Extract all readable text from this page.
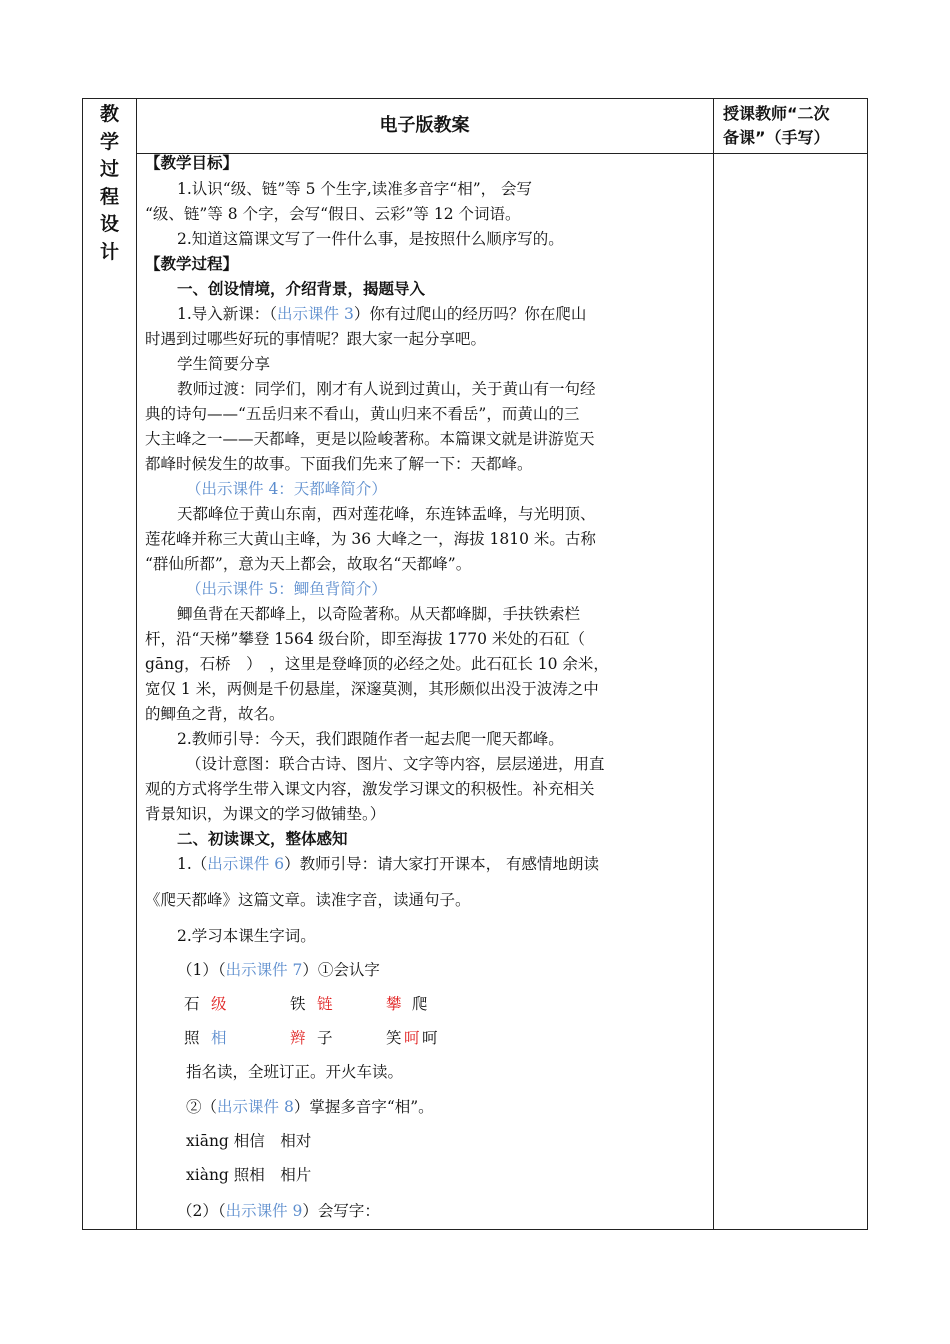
教
学
过
程
设
计
电子版教案
授课教师“二次
备课”（手写）
【教学目标】
1.认识“级、链”等 5 个生字,读准多音字“相”， 会写
“级、链”等 8 个字，会写“假日、云彩”等 12 个词语。
2.知道这篇课文写了一件什么事，是按照什么顺序写的。
【教学过程】
一、创设情境，介绍背景，揭题导入
1.导入新课：（出示课件 3）你有过爬山的经历吗？你在爬山
时遇到过哪些好玩的事情呢？跟大家一起分享吧。
学生简要分享
教师过渡：同学们，刚才有人说到过黄山，关于黄山有一句经
典的诗句——“五岳归来不看山，黄山归来不看岳”，而黄山的三
大主峰之一——天都峰，更是以险峻著称。本篇课文就是讲游览天
都峰时候发生的故事。下面我们先来了解一下：天都峰。
（出示课件 4：天都峰简介）
天都峰位于黄山东南，西对莲花峰，东连钵盂峰，与光明顶、
莲花峰并称三大黄山主峰，为 36 大峰之一，海拔 1810 米。古称
“群仙所都”，意为天上都会，故取名“天都峰”。
（出示课件 5：鲫鱼背简介）
鲫鱼背在天都峰上，以奇险著称。从天都峰脚，手扶铁索栏
杆，沿“天梯”攀登 1564 级台阶，即至海拔 1770 米处的石矼（
gāng，石桥　）　，这里是登峰顶的必经之处。此石矼长 10 余米，
宽仅 1 米，两侧是千仞悬崖，深邃莫测，其形颇似出没于波涛之中
的鲫鱼之背，故名。
2.教师引导：今天，我们跟随作者一起去爬一爬天都峰。
（设计意图：联合古诗、图片、文字等内容，层层递进，用直
观的方式将学生带入课文内容，激发学习课文的积极性。补充相关
背景知识，为课文的学习做铺垫。）
二、初读课文，整体感知
1.（出示课件 6）教师引导：请大家打开课本， 有感情地朗读
《爬天都峰》这篇文章。读准字音，读通句子。
2.学习本课生字词。
（1）（出示课件 7）①会认字
石 级	铁 链	攀 爬
照 相	辫 子	笑 呵 呵
指名读，全班订正。开火车读。
②（出示课件 8）掌握多音字“相”。
xiāng 相信　相对
xiàng 照相　相片
（2）（出示课件 9）会写字：
